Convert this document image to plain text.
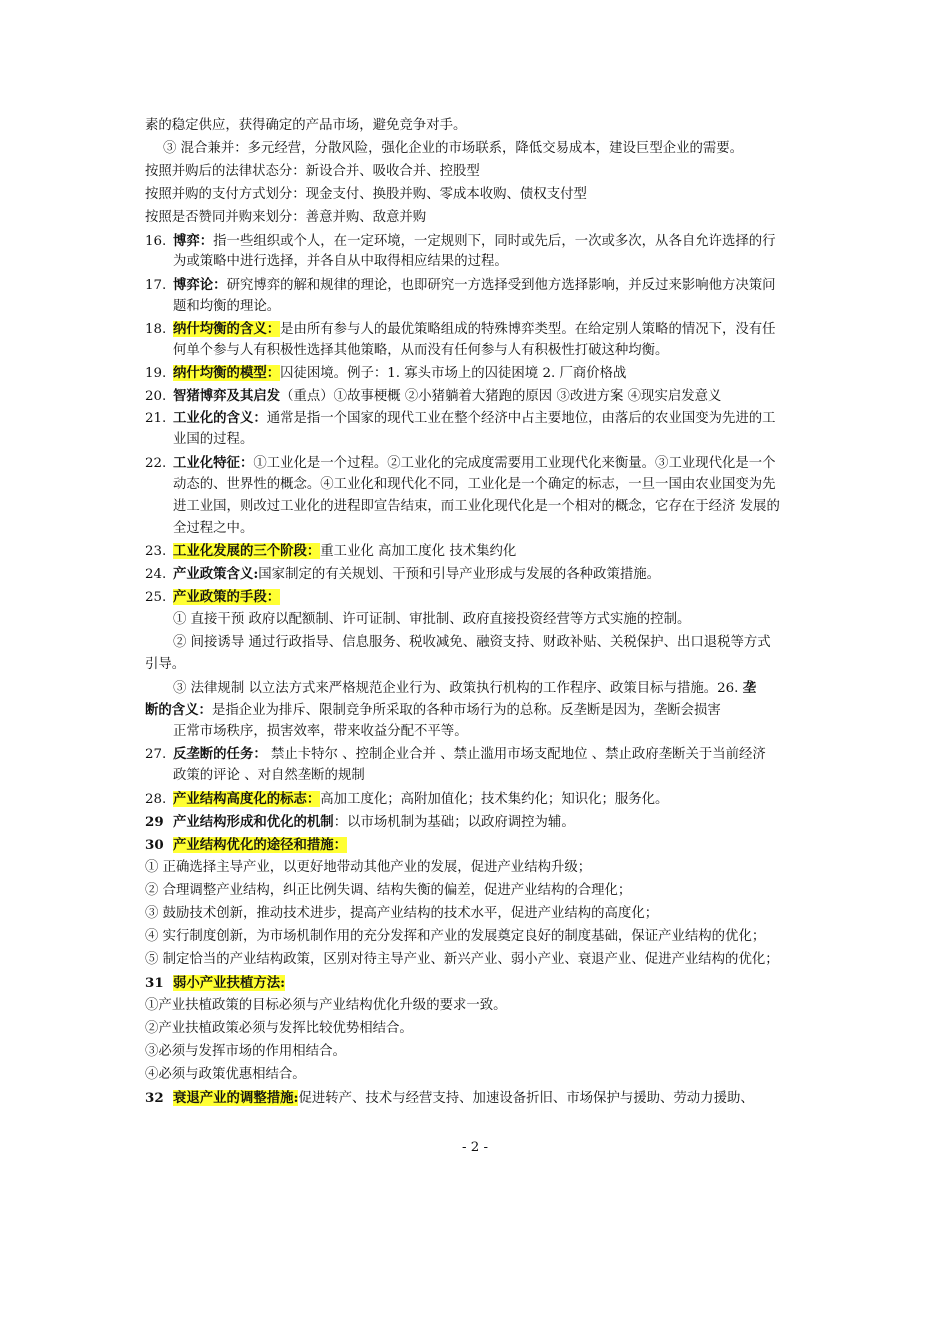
素的稳定供应，获得确定的产品市场，避免竞争对手。
③ 混合兼并：多元经营，分散风险，强化企业的市场联系，降低交易成本，建设巨型企业的需要。
按照并购后的法律状态分：新设合并、吸收合并、控股型
按照并购的支付方式划分：现金支付、换股并购、零成本收购、债权支付型
按照是否赞同并购来划分：善意并购、敌意并购
16. 博弈：指一些组织或个人，在一定环境，一定规则下，同时或先后，一次或多次，从各自允许选择的行
为或策略中进行选择，并各自从中取得相应结果的过程。
17. 博弈论：研究博弈的解和规律的理论，也即研究一方选择受到他方选择影响，并反过来影响他方决策问
题和均衡的理论。
18. 纳什均衡的含义：是由所有参与人的最优策略组成的特殊博弈类型。在给定别人策略的情况下，没有任
何单个参与人有积极性选择其他策略，从而没有任何参与人有积极性打破这种均衡。
19. 纳什均衡的模型：囚徒困境。例子：1. 寡头市场上的囚徒困境 2. 厂商价格战
20. 智猪博弈及其启发（重点）①故事梗概 ②小猪躺着大猪跑的原因 ③改进方案 ④现实启发意义
21. 工业化的含义：通常是指一个国家的现代工业在整个经济中占主要地位，由落后的农业国变为先进的工
业国的过程。
22. 工业化特征：①工业化是一个过程。②工业化的完成度需要用工业现代化来衡量。③工业现代化是一个
动态的、世界性的概念。④工业化和现代化不同，工业化是一个确定的标志，一旦一国由农业国变为先
进工业国，则改过工业化的进程即宣告结束，而工业化现代化是一个相对的概念，它存在于经济 发展的
全过程之中。
23. 工业化发展的三个阶段：重工业化 高加工度化 技术集约化
24. 产业政策含义:国家制定的有关规划、干预和引导产业形成与发展的各种政策措施。
25. 产业政策的手段：
① 直接干预 政府以配额制、许可证制、审批制、政府直接投资经营等方式实施的控制。
② 间接诱导 通过行政指导、信息服务、税收减免、融资支持、财政补贴、关税保护、出口退税等方式
引导。
③ 法律规制 以立法方式来严格规范企业行为、政策执行机构的工作程序、政策目标与措施。26. 垄
断的含义：是指企业为排斥、限制竞争所采取的各种市场行为的总称。反垄断是因为，垄断会损害
正常市场秩序，损害效率，带来收益分配不平等。
27. 反垄断的任务： 禁止卡特尔 、控制企业合并 、禁止滥用市场支配地位 、禁止政府垄断关于当前经济
政策的评论 、对自然垄断的规制
28. 产业结构高度化的标志：高加工度化；高附加值化；技术集约化；知识化；服务化。
29 产业结构形成和优化的机制：以市场机制为基础；以政府调控为辅。
30 产业结构优化的途径和措施：
① 正确选择主导产业，以更好地带动其他产业的发展，促进产业结构升级；
② 合理调整产业结构，纠正比例失调、结构失衡的偏差，促进产业结构的合理化；
③ 鼓励技术创新，推动技术进步，提高产业结构的技术水平，促进产业结构的高度化；
④ 实行制度创新，为市场机制作用的充分发挥和产业的发展奠定良好的制度基础，保证产业结构的优化；
⑤ 制定恰当的产业结构政策，区别对待主导产业、新兴产业、弱小产业、衰退产业、促进产业结构的优化；
31 弱小产业扶植方法:
①产业扶植政策的目标必须与产业结构优化升级的要求一致。
②产业扶植政策必须与发挥比较优势相结合。
③必须与发挥市场的作用相结合。
④必须与政策优惠相结合。
32 衰退产业的调整措施:促进转产、技术与经营支持、加速设备折旧、市场保护与援助、劳动力援助、
- 2 -
